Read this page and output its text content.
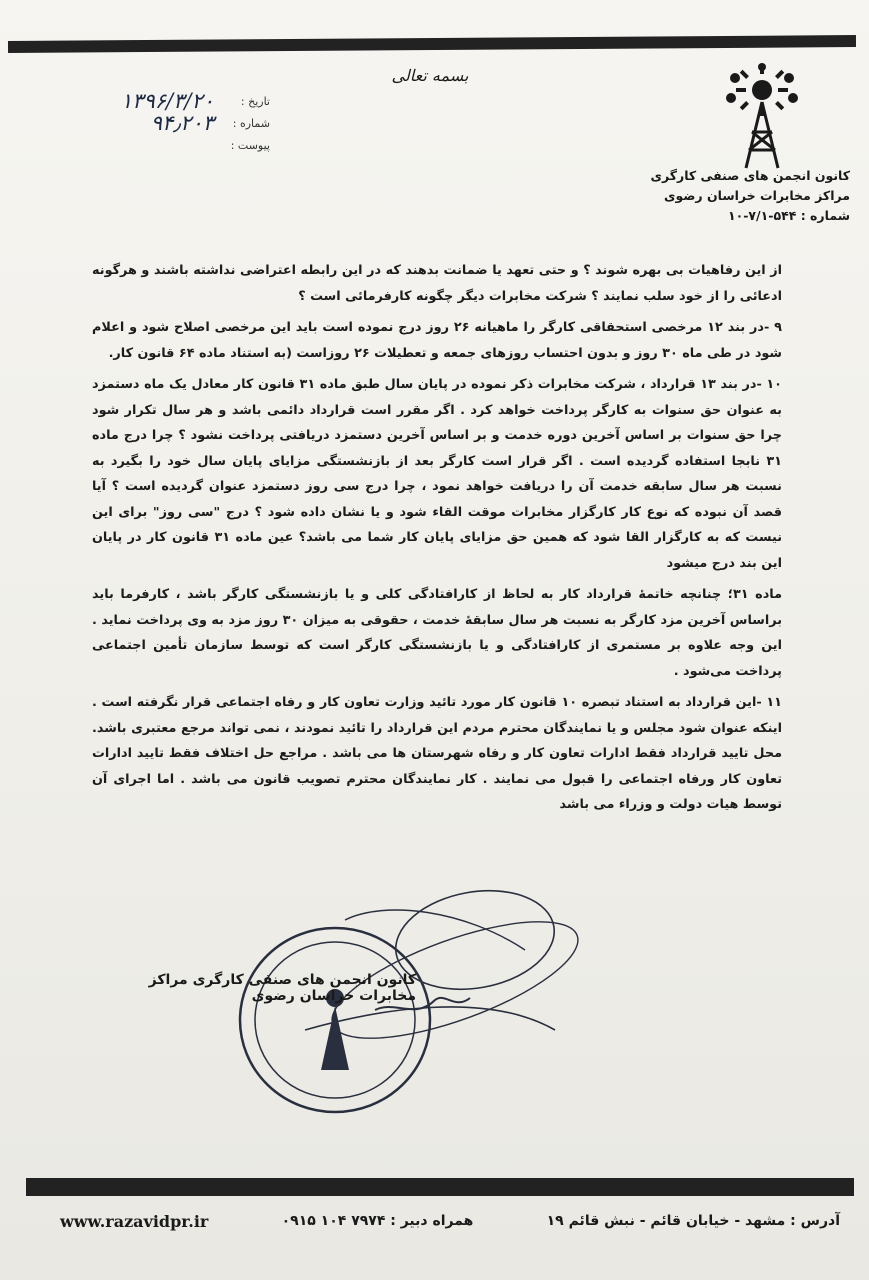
بسمه تعالی
کانون انجمن های صنفی کارگری
مراکز مخابرات خراسان رضوی
شماره : ۵۴۴-۷/۱-۱۰
تاریخ :
۱۳۹۶/۳/۲۰
شماره :
۹۴٫۲۰۳
پیوست :

از این رفاهیات بی بهره شوند ؟ و حتی تعهد یا ضمانت بدهند که در این رابطه اعتراضی نداشته باشند و هرگونه ادعائی را از خود سلب نمایند ؟ شرکت مخابرات دیگر چگونه کارفرمائی است ؟

۹ -در بند ۱۲ مرخصی استحقاقی کارگر را ماهیانه ۲۶ روز درج نموده است باید این مرخصی اصلاح شود و اعلام شود در طی ماه ۳۰ روز و بدون احتساب روزهای جمعه و تعطیلات ۲۶ روزاست (به استناد ماده ۶۴ قانون کار.

۱۰ -در بند ۱۳ قرارداد ، شرکت مخابرات ذکر نموده در پایان سال طبق ماده ۳۱ قانون کار معادل یک ماه دستمزد به عنوان حق سنوات به کارگر پرداخت خواهد کرد . اگر مقرر است قرارداد دائمی باشد و هر سال تکرار شود چرا حق سنوات بر اساس آخرین دوره خدمت و بر اساس آخرین دستمزد دریافتی پرداخت نشود ؟ چرا درج ماده ۳۱ نابجا استفاده گردیده است . اگر قرار است کارگر بعد از بازنشستگی مزایای پایان سال خود را بگیرد به نسبت هر سال سابقه خدمت آن را دریافت خواهد نمود ، چرا درج سی روز دستمزد عنوان گردیده است ؟ آیا قصد آن نبوده که نوع کار کارگزار مخابرات موقت القاء شود و یا نشان داده شود ؟ درج "سی روز" برای این نیست که به کارگزار القا شود که همین حق مزایای پایان کار شما می باشد؟ عین ماده ۳۱ قانون کار در پایان این بند درج میشود

ماده ۳۱؛ چنانچه خاتمهٔ قرارداد کار به لحاظ از کارافتادگی کلی و یا بازنشستگی کارگر باشد ، کارفرما باید براساس آخرین مزد کارگر به نسبت هر سال سابقهٔ خدمت ، حقوقی به میزان ۳۰ روز مزد به وی پرداخت نماید . این وجه علاوه بر مستمری از کارافتادگی و یا بازنشستگی کارگر است که توسط سازمان تأمین اجتماعی پرداخت می‌شود .

۱۱ -این قرارداد به استناد تبصره ۱۰ قانون کار مورد تائید وزارت تعاون کار و رفاه اجتماعی قرار نگرفته است . اینکه عنوان شود مجلس و یا نمایندگان محترم مردم این قرارداد را تائید نمودند ، نمی تواند مرجع معتبری باشد. محل تایید قرارداد فقط ادارات تعاون کار و رفاه شهرستان ها می باشد . مراجع حل اختلاف فقط تایید ادارات تعاون کار ورفاه اجتماعی را قبول می نمایند . کار نمایندگان محترم تصویب قانون می باشد . اما اجرای آن توسط هیات دولت و وزراء می باشد

کانون انجمن های صنفی کارگری مراکز مخابرات خراسان رضوی
www.razavidpr.ir	همراه دبیر : ۷۹۷۴ ۱۰۴ ۰۹۱۵	آدرس : مشهد - خیابان قائم - نبش قائم ۱۹
